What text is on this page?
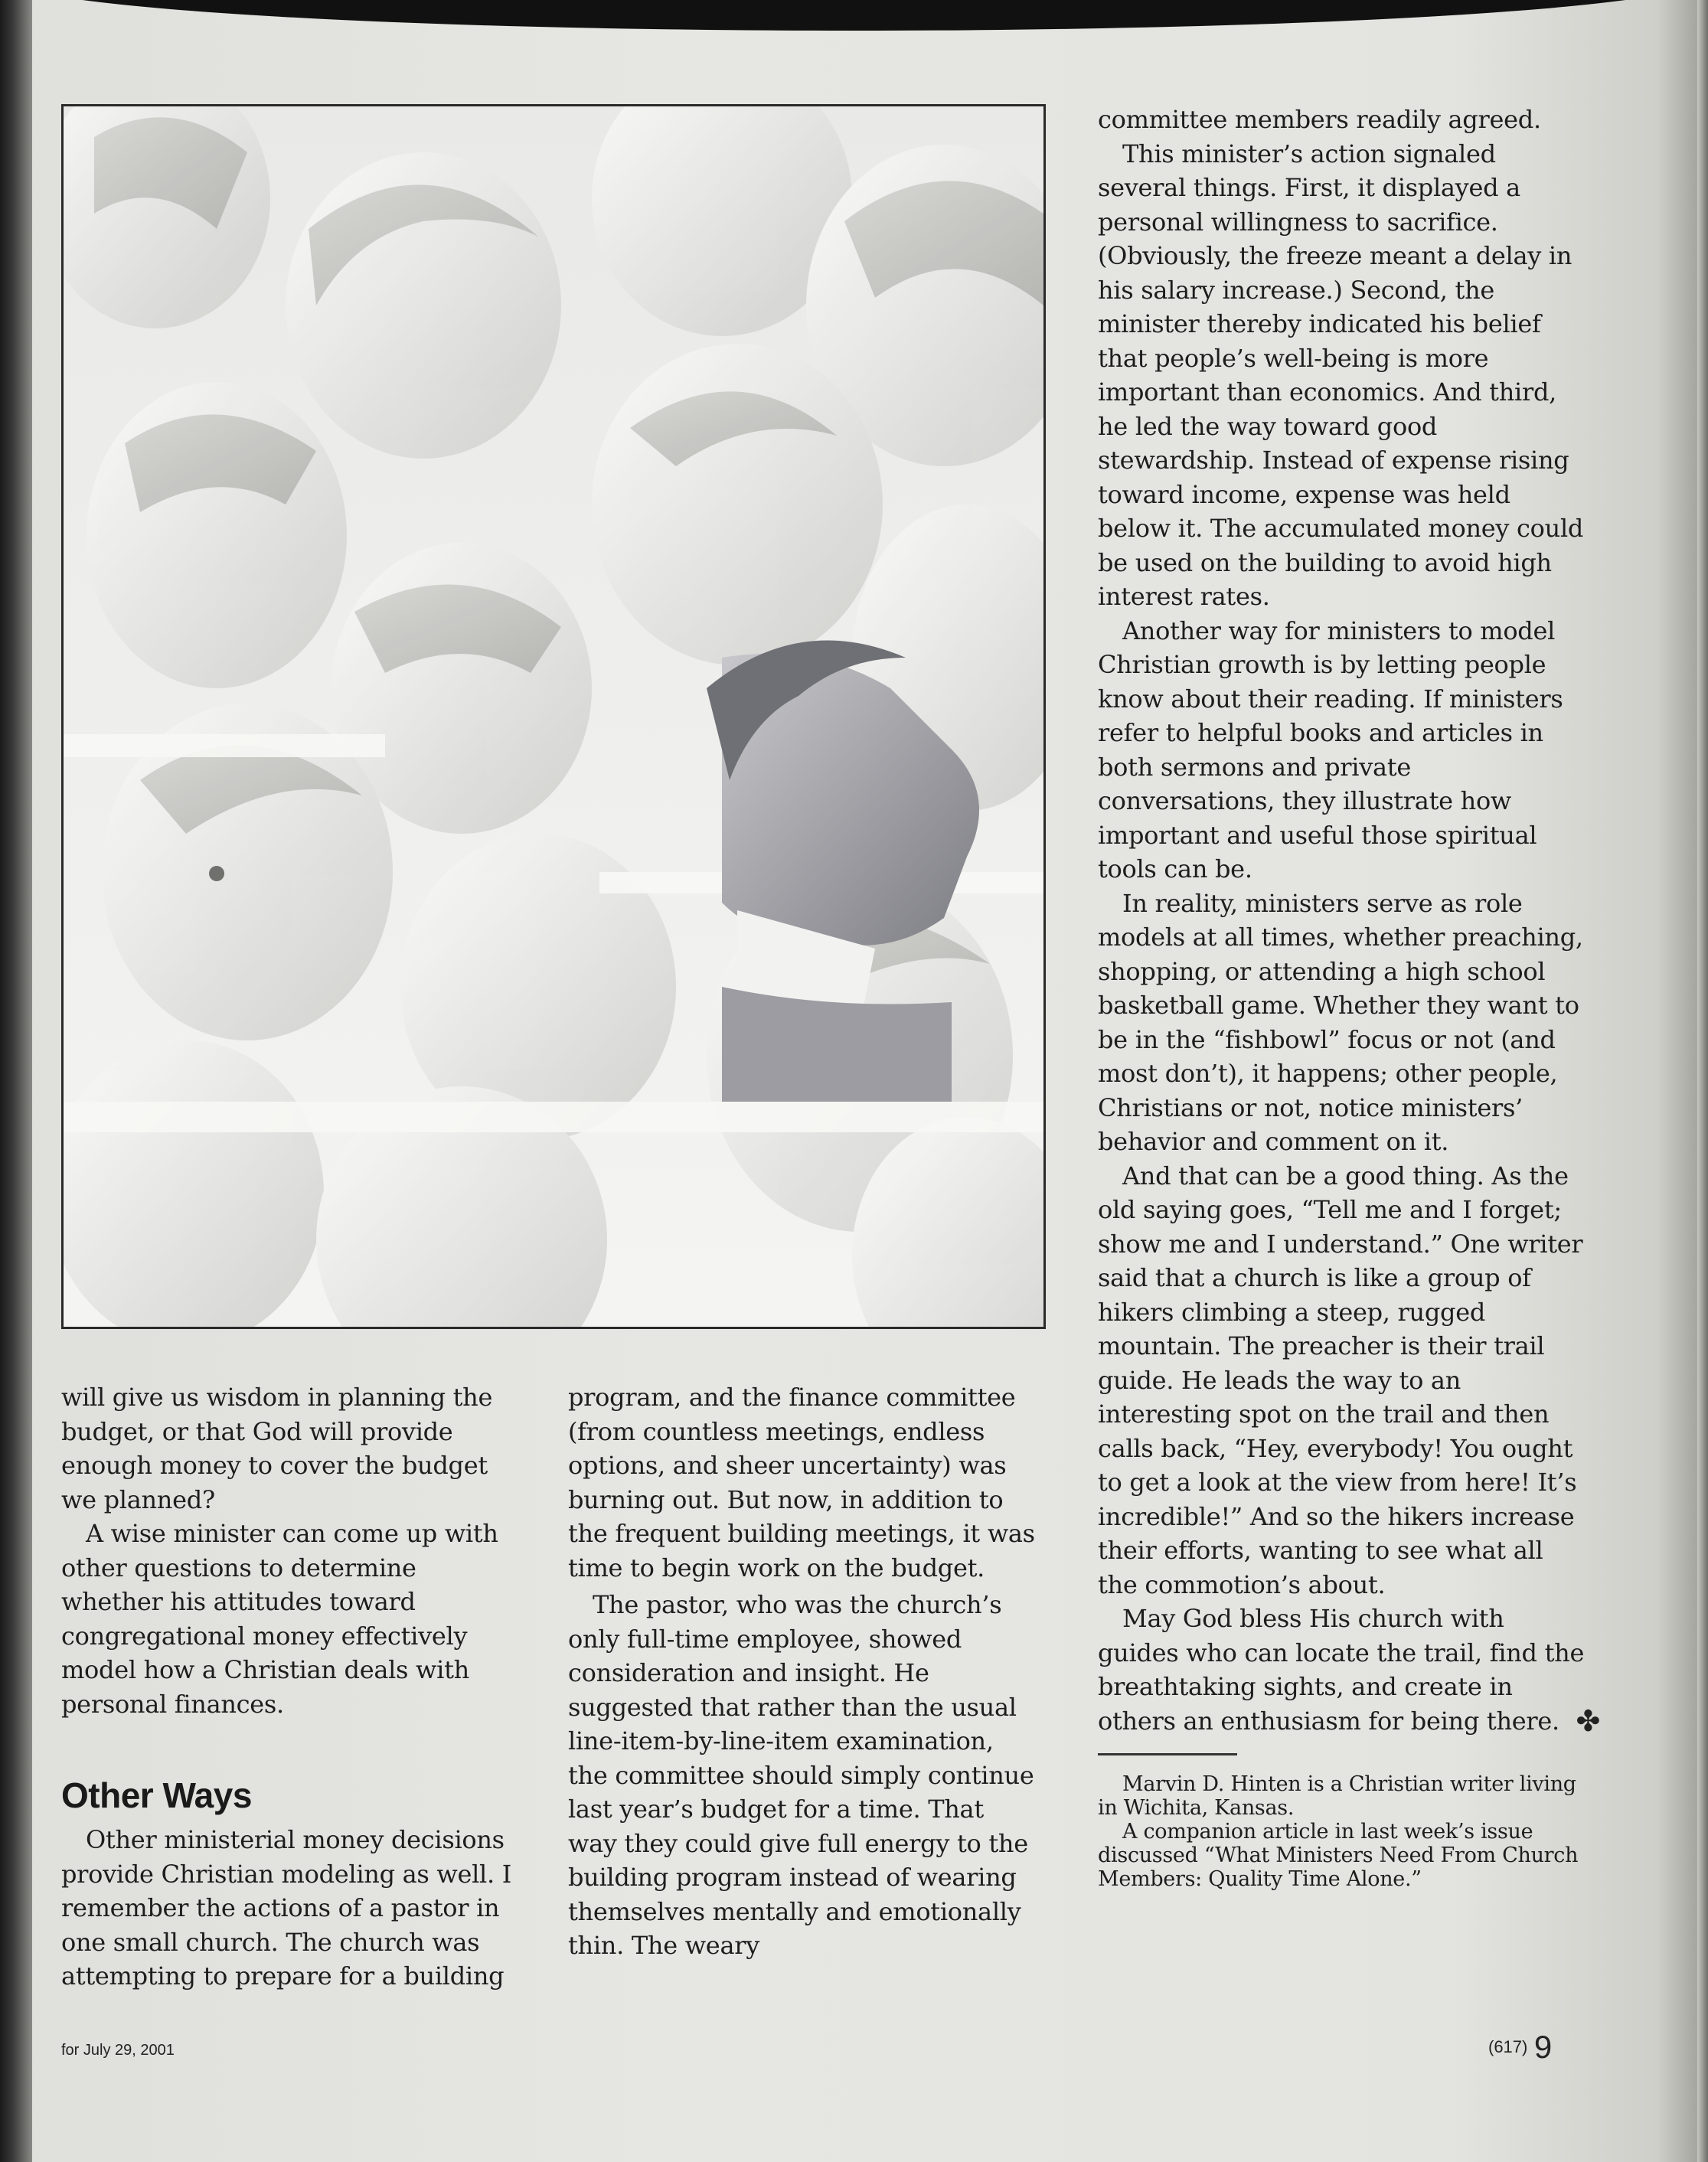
will give us wisdom in planning the budget, or that God will provide enough money to cover the budget we planned?

A wise minister can come up with other questions to determine whether his attitudes toward congregational money effectively model how a Christian deals with personal finances.

Other Ways

Other ministerial money decisions provide Christian modeling as well. I remember the actions of a pastor in one small church. The church was attempting to prepare for a building

program, and the finance committee (from countless meetings, endless options, and sheer uncertainty) was burning out. But now, in addition to the frequent building meetings, it was time to begin work on the budget.

The pastor, who was the church’s only full-time employee, showed consideration and insight. He suggested that rather than the usual line-item-by-line-item examination, the committee should simply continue last year’s budget for a time. That way they could give full energy to the building program instead of wearing themselves mentally and emotionally thin. The weary

committee members readily agreed.

This minister’s action signaled several things. First, it displayed a personal willingness to sacrifice. (Obviously, the freeze meant a delay in his salary increase.) Second, the minister thereby indicated his belief that people’s well-being is more important than economics. And third, he led the way toward good stewardship. Instead of expense rising toward income, expense was held below it. The accumulated money could be used on the building to avoid high interest rates.

Another way for ministers to model Christian growth is by letting people know about their reading. If ministers refer to helpful books and articles in both sermons and private conversations, they illustrate how important and useful those spiritual tools can be.

In reality, ministers serve as role models at all times, whether preaching, shopping, or attending a high school basketball game. Whether they want to be in the “fishbowl” focus or not (and most don’t), it happens; other people, Christians or not, notice ministers’ behavior and comment on it.

And that can be a good thing. As the old saying goes, “Tell me and I forget; show me and I understand.” One writer said that a church is like a group of hikers climbing a steep, rugged mountain. The preacher is their trail guide. He leads the way to an interesting spot on the trail and then calls back, “Hey, everybody! You ought to get a look at the view from here! It’s incredible!” And so the hikers increase their efforts, wanting to see what all the commotion’s about.

May God bless His church with guides who can locate the trail, find the breathtaking sights, and create in others an enthusiasm for being there. ✤

Marvin D. Hinten is a Christian writer living in Wichita, Kansas.

A companion article in last week’s issue discussed “What Ministers Need From Church Members: Quality Time Alone.”

for July 29, 2001	(617) 9
